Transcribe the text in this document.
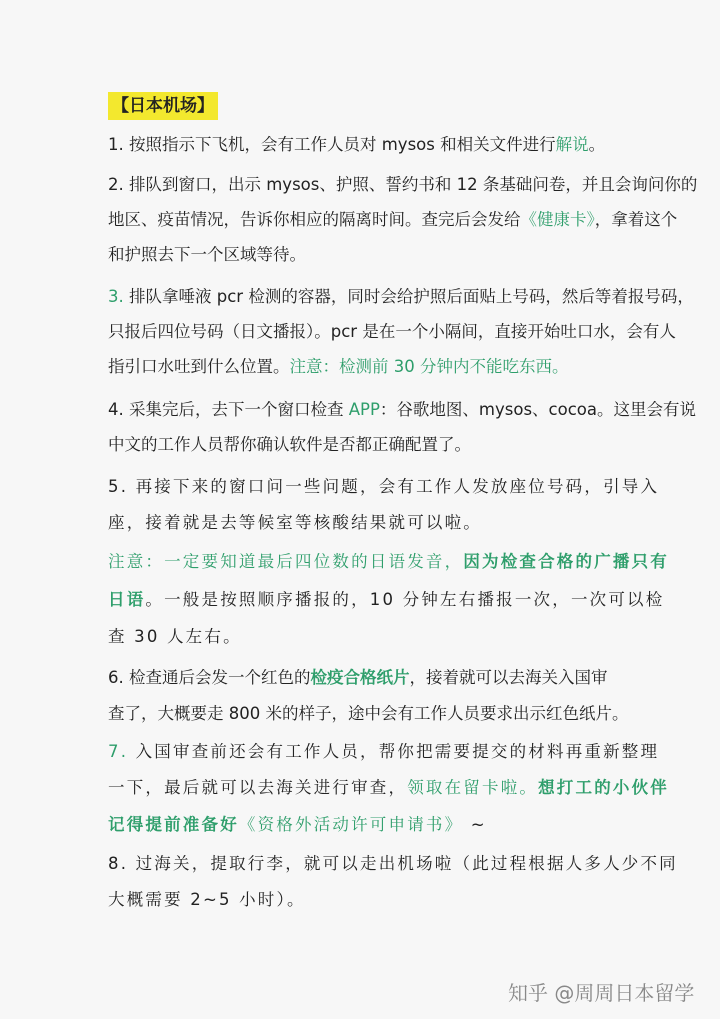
【日本机场】
1. 按照指示下飞机，会有工作人员对 mysos 和相关文件进行解说。
2. 排队到窗口，出示 mysos、护照、誓约书和 12 条基础问卷，并且会询问你的
地区、疫苗情况，告诉你相应的隔离时间。查完后会发给《健康卡》，拿着这个
和护照去下一个区域等待。
3. 排队拿唾液 pcr 检测的容器，同时会给护照后面贴上号码，然后等着报号码，
只报后四位号码（日文播报）。pcr 是在一个小隔间，直接开始吐口水，会有人
指引口水吐到什么位置。注意：检测前 30 分钟内不能吃东西。
4. 采集完后，去下一个窗口检查 APP：谷歌地图、mysos、cocoa。这里会有说
中文的工作人员帮你确认软件是否都正确配置了。
5. 再接下来的窗口问一些问题，会有工作人发放座位号码，引导入
座，接着就是去等候室等核酸结果就可以啦。
注意：一定要知道最后四位数的日语发音，因为检查合格的广播只有
日语。一般是按照顺序播报的，10 分钟左右播报一次，一次可以检
查 30 人左右。
6. 检查通后会发一个红色的检疫合格纸片，接着就可以去海关入国审
查了，大概要走 800 米的样子，途中会有工作人员要求出示红色纸片。
7. 入国审查前还会有工作人员，帮你把需要提交的材料再重新整理
一下，最后就可以去海关进行审查，领取在留卡啦。想打工的小伙伴
记得提前准备好《资格外活动许可申请书》 ~
8. 过海关，提取行李，就可以走出机场啦（此过程根据人多人少不同
大概需要 2~5 小时）。
知乎 @周周日本留学
